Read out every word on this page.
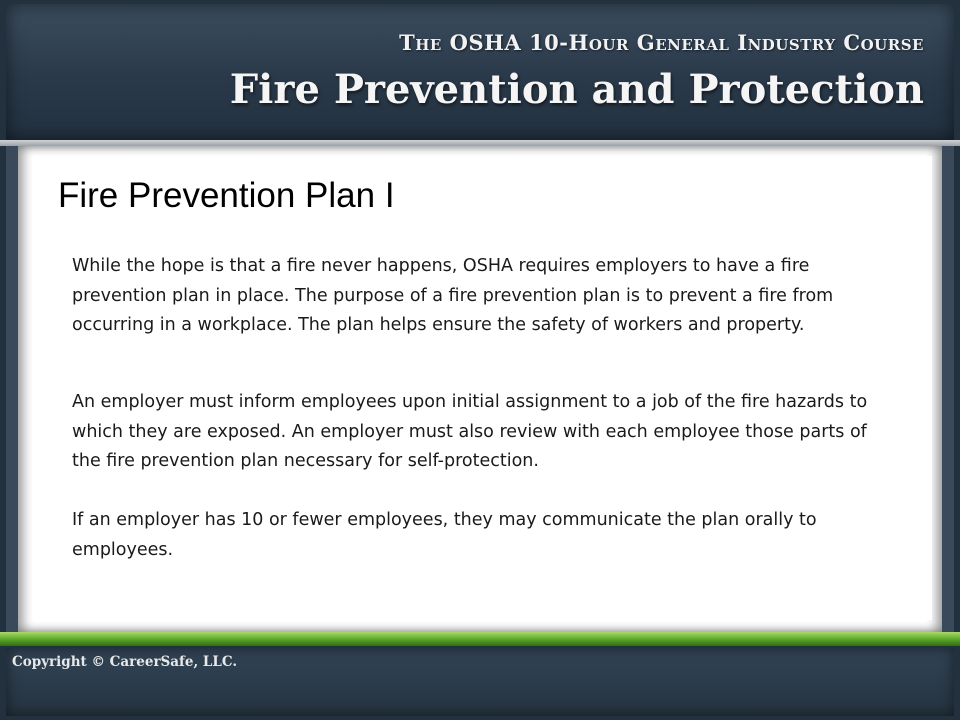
The OSHA 10-Hour General Industry Course
Fire Prevention and Protection
Fire Prevention Plan I

While the hope is that a fire never happens, OSHA requires employers to have a fire prevention plan in place. The purpose of a fire prevention plan is to prevent a fire from occurring in a workplace. The plan helps ensure the safety of workers and property.

An employer must inform employees upon initial assignment to a job of the fire hazards to which they are exposed. An employer must also review with each employee those parts of the fire prevention plan necessary for self-protection.

If an employer has 10 or fewer employees, they may communicate the plan orally to employees.

Copyright © CareerSafe, LLC.
